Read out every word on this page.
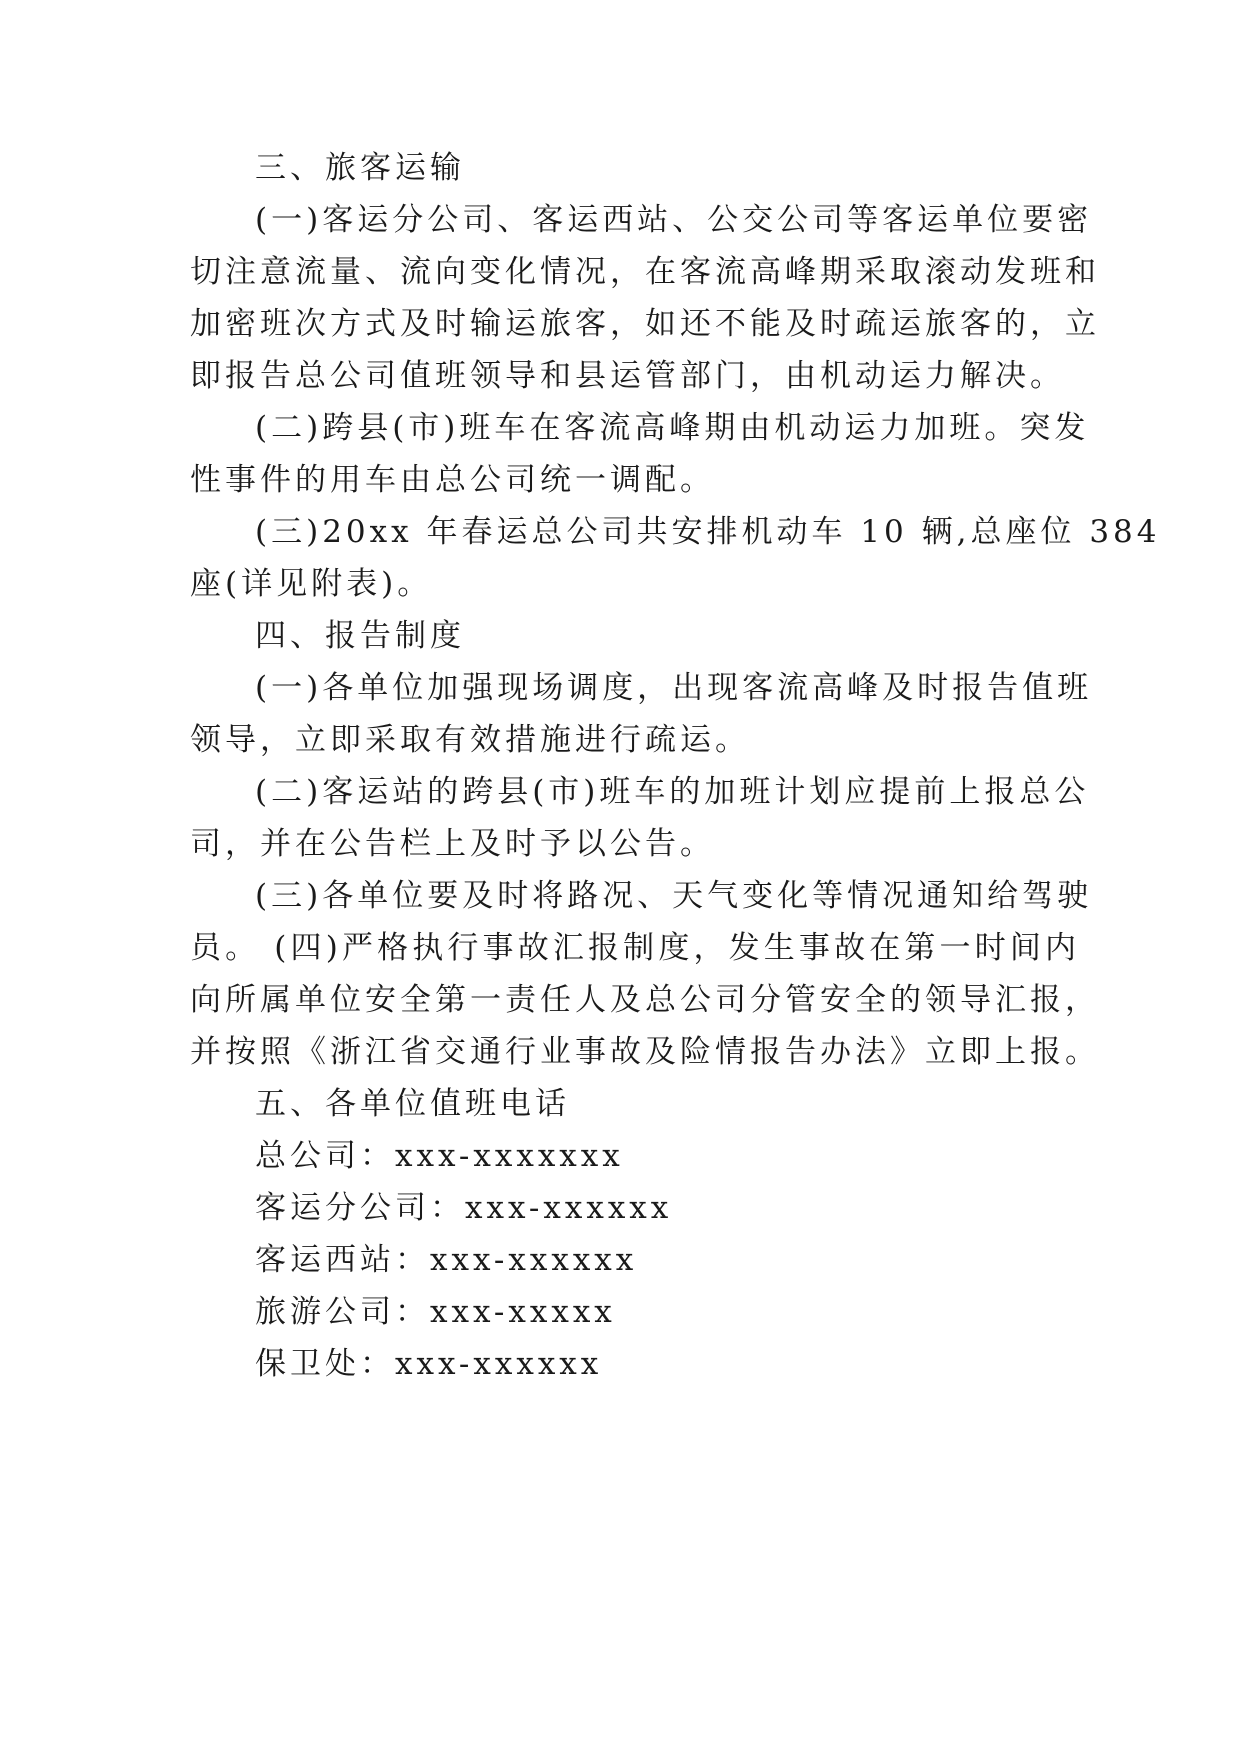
三、旅客运输
(一)客运分公司、客运西站、公交公司等客运单位要密
切注意流量、流向变化情况，在客流高峰期采取滚动发班和
加密班次方式及时输运旅客，如还不能及时疏运旅客的，立
即报告总公司值班领导和县运管部门，由机动运力解决。
(二)跨县(市)班车在客流高峰期由机动运力加班。突发
性事件的用车由总公司统一调配。
(三)20xx 年春运总公司共安排机动车 10 辆,总座位 384
座(详见附表)。
四、报告制度
(一)各单位加强现场调度，出现客流高峰及时报告值班
领导，立即采取有效措施进行疏运。
(二)客运站的跨县(市)班车的加班计划应提前上报总公
司，并在公告栏上及时予以公告。
(三)各单位要及时将路况、天气变化等情况通知给驾驶
员。 (四)严格执行事故汇报制度，发生事故在第一时间内
向所属单位安全第一责任人及总公司分管安全的领导汇报，
并按照《浙江省交通行业事故及险情报告办法》立即上报。
五、各单位值班电话
总公司：xxx-xxxxxxx
客运分公司：xxx-xxxxxx
客运西站：xxx-xxxxxx
旅游公司：xxx-xxxxx
保卫处：xxx-xxxxxx
